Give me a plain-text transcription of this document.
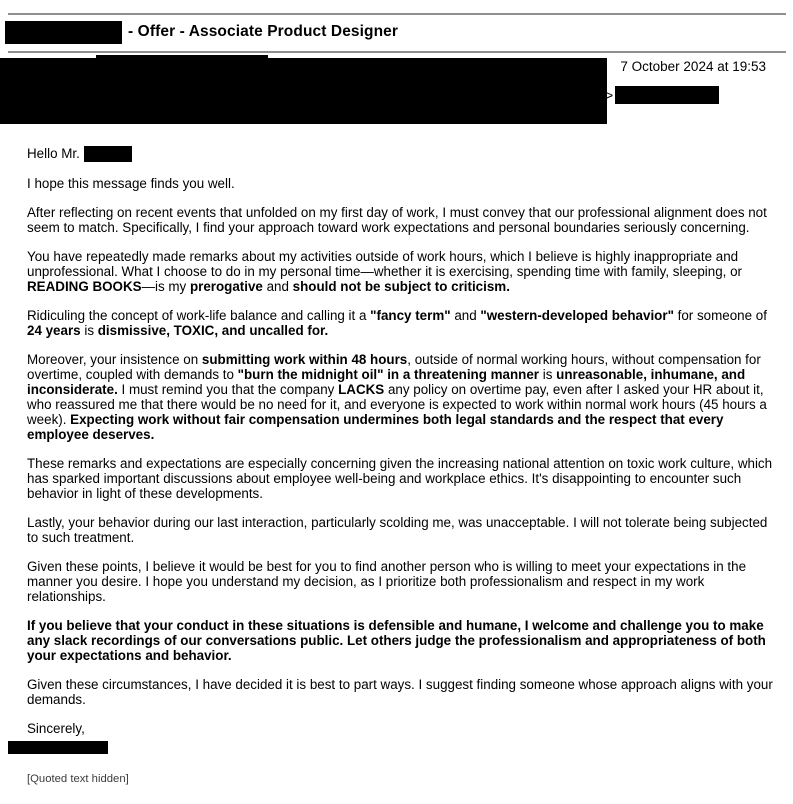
- Offer - Associate Product Designer
7 October 2024 at 19:53
>

Hello Mr.

I hope this message finds you well.

After reflecting on recent events that unfolded on my first day of work, I must convey that our professional alignment does not seem to match. Specifically, I find your approach toward work expectations and personal boundaries seriously concerning.

You have repeatedly made remarks about my activities outside of work hours, which I believe is highly inappropriate and unprofessional. What I choose to do in my personal time—whether it is exercising, spending time with family, sleeping, or READING BOOKS—is my prerogative and should not be subject to criticism.

Ridiculing the concept of work-life balance and calling it a "fancy term" and "western-developed behavior" for someone of 24 years is dismissive, TOXIC, and uncalled for.

Moreover, your insistence on submitting work within 48 hours, outside of normal working hours, without compensation for overtime, coupled with demands to "burn the midnight oil" in a threatening manner is unreasonable, inhumane, and inconsiderate. I must remind you that the company LACKS any policy on overtime pay, even after I asked your HR about it, who reassured me that there would be no need for it, and everyone is expected to work within normal work hours (45 hours a week). Expecting work without fair compensation undermines both legal standards and the respect that every employee deserves.

These remarks and expectations are especially concerning given the increasing national attention on toxic work culture, which has sparked important discussions about employee well-being and workplace ethics. It's disappointing to encounter such behavior in light of these developments.

Lastly, your behavior during our last interaction, particularly scolding me, was unacceptable. I will not tolerate being subjected to such treatment.

Given these points, I believe it would be best for you to find another person who is willing to meet your expectations in the manner you desire. I hope you understand my decision, as I prioritize both professionalism and respect in my work relationships.

If you believe that your conduct in these situations is defensible and humane, I welcome and challenge you to make any slack recordings of our conversations public. Let others judge the professionalism and appropriateness of both your expectations and behavior.

Given these circumstances, I have decided it is best to part ways. I suggest finding someone whose approach aligns with your demands.

Sincerely,

[Quoted text hidden]
